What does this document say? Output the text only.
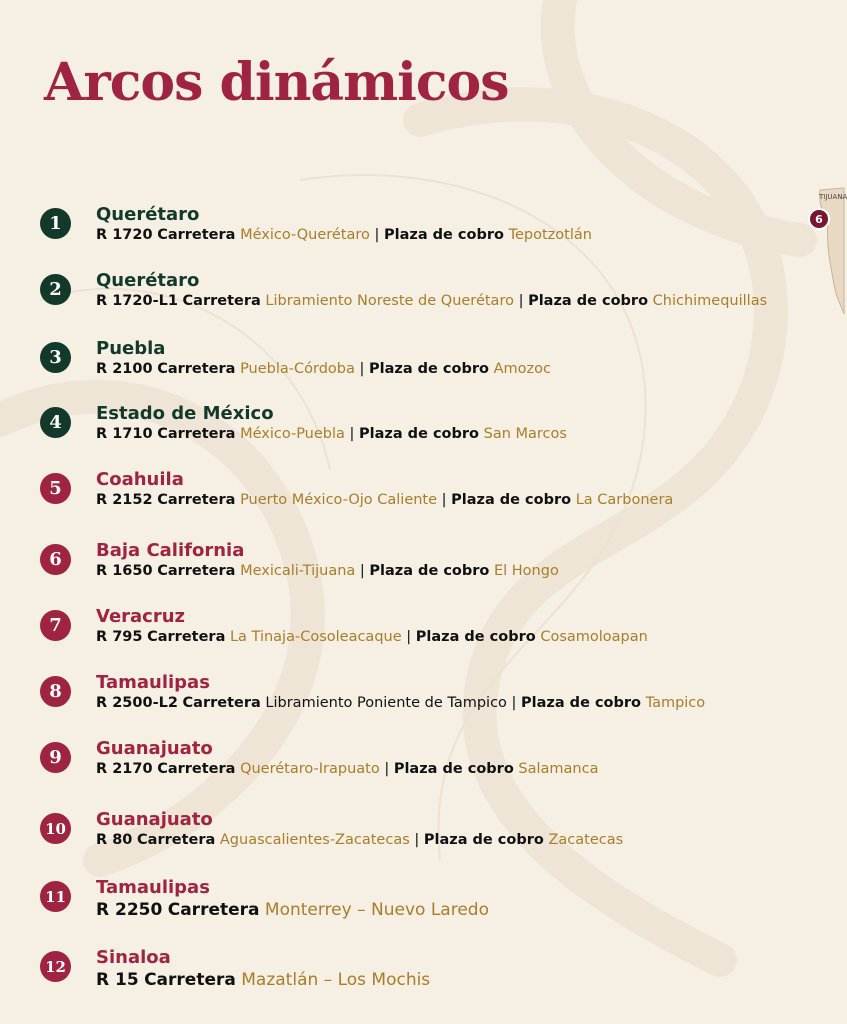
TIJUANA
6
Arcos dinámicos
1	Querétaro
R 1720 Carretera México-Querétaro | Plaza de cobro Tepotzotlán
2	Querétaro
R 1720-L1 Carretera Libramiento Noreste de Querétaro | Plaza de cobro Chichimequillas
3	Puebla
R 2100 Carretera Puebla-Córdoba | Plaza de cobro Amozoc
4	Estado de México
R 1710 Carretera México-Puebla | Plaza de cobro San Marcos
5	Coahuila
R 2152 Carretera Puerto México-Ojo Caliente | Plaza de cobro La Carbonera
6	Baja California
R 1650 Carretera Mexicali-Tijuana | Plaza de cobro El Hongo
7	Veracruz
R 795 Carretera La Tinaja-Cosoleacaque | Plaza de cobro Cosamoloapan
8	Tamaulipas
R 2500-L2 Carretera Libramiento Poniente de Tampico | Plaza de cobro Tampico
9	Guanajuato
R 2170 Carretera Querétaro-Irapuato | Plaza de cobro Salamanca
10 Guanajuato
R 80 Carretera Aguascalientes-Zacatecas | Plaza de cobro Zacatecas
11 Tamaulipas
R 2250 Carretera Monterrey – Nuevo Laredo
12 Sinaloa
R 15 Carretera Mazatlán – Los Mochis
